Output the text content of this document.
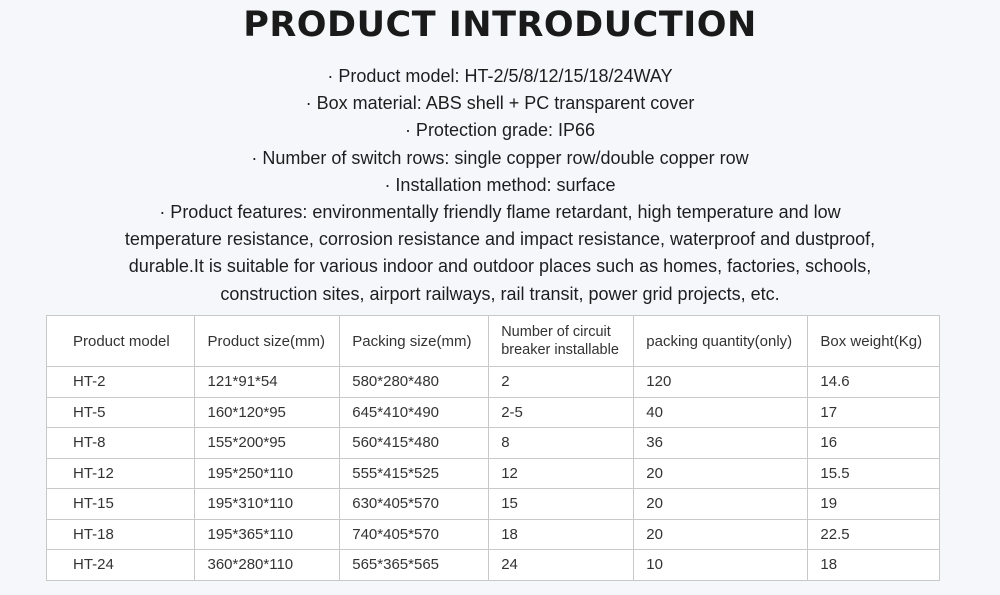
PRODUCT INTRODUCTION
· Product model: HT-2/5/8/12/15/18/24WAY
· Box material: ABS shell + PC transparent cover
· Protection grade: IP66
· Number of switch rows: single copper row/double copper row
· Installation method: surface
· Product features: environmentally friendly flame retardant, high temperature and low
temperature resistance, corrosion resistance and impact resistance, waterproof and dustproof,
durable.It is suitable for various indoor and outdoor places such as homes, factories, schools,
construction sites, airport railways, rail transit, power grid projects, etc.
Product model	Product size(mm)	Packing size(mm)	Number of circuit breaker installable	packing quantity(only)	Box weight(Kg)
HT-2	121*91*54	580*280*480	2	120	14.6
HT-5	160*120*95	645*410*490	2-5	40	17
HT-8	155*200*95	560*415*480	8	36	16
HT-12	195*250*110	555*415*525	12	20	15.5
HT-15	195*310*110	630*405*570	15	20	19
HT-18	195*365*110	740*405*570	18	20	22.5
HT-24	360*280*110	565*365*565	24	10	18
